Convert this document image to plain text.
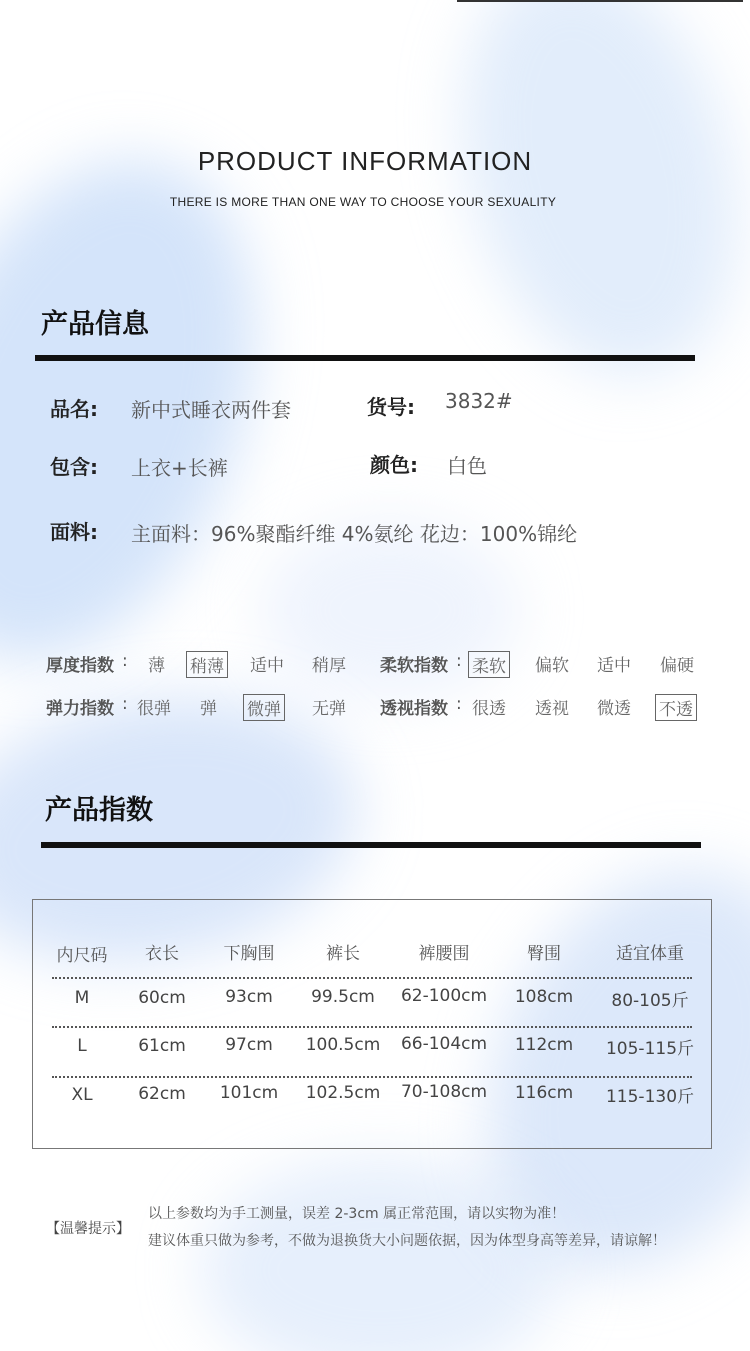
PRODUCT INFORMATION
THERE IS MORE THAN ONE WAY TO CHOOSE YOUR SEXUALITY
产品信息
品名: 新中式睡衣两件套	货号: 3832#
包含: 上衣+长裤	颜色: 白色
面料: 主面料：96%聚酯纤维 4%氨纶 花边：100%锦纶
厚度指数 : 薄 稍薄 适中 稍厚 柔软指数 : 柔软 偏软 适中 偏硬
弹力指数 : 很弹 弹 微弹 无弹 透视指数 : 很透 透视 微透 不透
产品指数
内尺码	衣长	下胸围	裤长	裤腰围	臀围	适宜体重
M	60cm	93cm	99.5cm	62-100cm	108cm	80-105斤
L	61cm	97cm	100.5cm	66-104cm	112cm	105-115斤
XL	62cm	101cm	102.5cm	70-108cm	116cm	115-130斤
【温馨提示】
以上参数均为手工测量，误差 2-3cm 属正常范围，请以实物为准！
建议体重只做为参考，不做为退换货大小问题依据，因为体型身高等差异，请谅解！
